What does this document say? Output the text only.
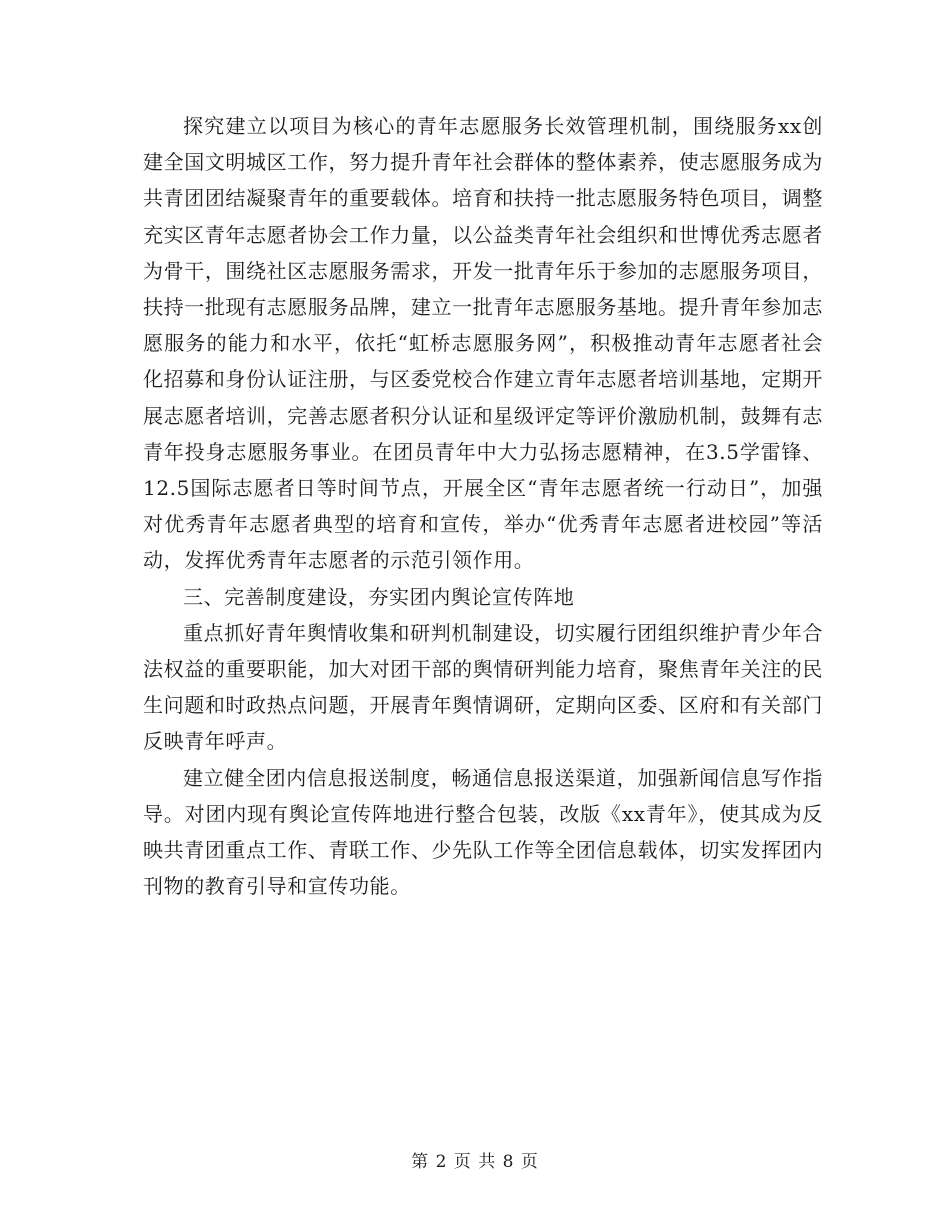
探究建立以项目为核心的青年志愿服务长效管理机制，围绕服务xx创建全国文明城区工作，努力提升青年社会群体的整体素养，使志愿服务成为共青团团结凝聚青年的重要载体。培育和扶持一批志愿服务特色项目，调整充实区青年志愿者协会工作力量，以公益类青年社会组织和世博优秀志愿者为骨干，围绕社区志愿服务需求，开发一批青年乐于参加的志愿服务项目，扶持一批现有志愿服务品牌，建立一批青年志愿服务基地。提升青年参加志愿服务的能力和水平，依托“虹桥志愿服务网”，积极推动青年志愿者社会化招募和身份认证注册，与区委党校合作建立青年志愿者培训基地，定期开展志愿者培训，完善志愿者积分认证和星级评定等评价激励机制，鼓舞有志青年投身志愿服务事业。在团员青年中大力弘扬志愿精神，在3.5学雷锋、12.5国际志愿者日等时间节点，开展全区“青年志愿者统一行动日”，加强对优秀青年志愿者典型的培育和宣传，举办“优秀青年志愿者进校园”等活动，发挥优秀青年志愿者的示范引领作用。

三、完善制度建设，夯实团内舆论宣传阵地

重点抓好青年舆情收集和研判机制建设，切实履行团组织维护青少年合法权益的重要职能，加大对团干部的舆情研判能力培育，聚焦青年关注的民生问题和时政热点问题，开展青年舆情调研，定期向区委、区府和有关部门反映青年呼声。

建立健全团内信息报送制度，畅通信息报送渠道，加强新闻信息写作指导。对团内现有舆论宣传阵地进行整合包装，改版《xx青年》，使其成为反映共青团重点工作、青联工作、少先队工作等全团信息载体，切实发挥团内刊物的教育引导和宣传功能。

第 2 页 共 8 页
